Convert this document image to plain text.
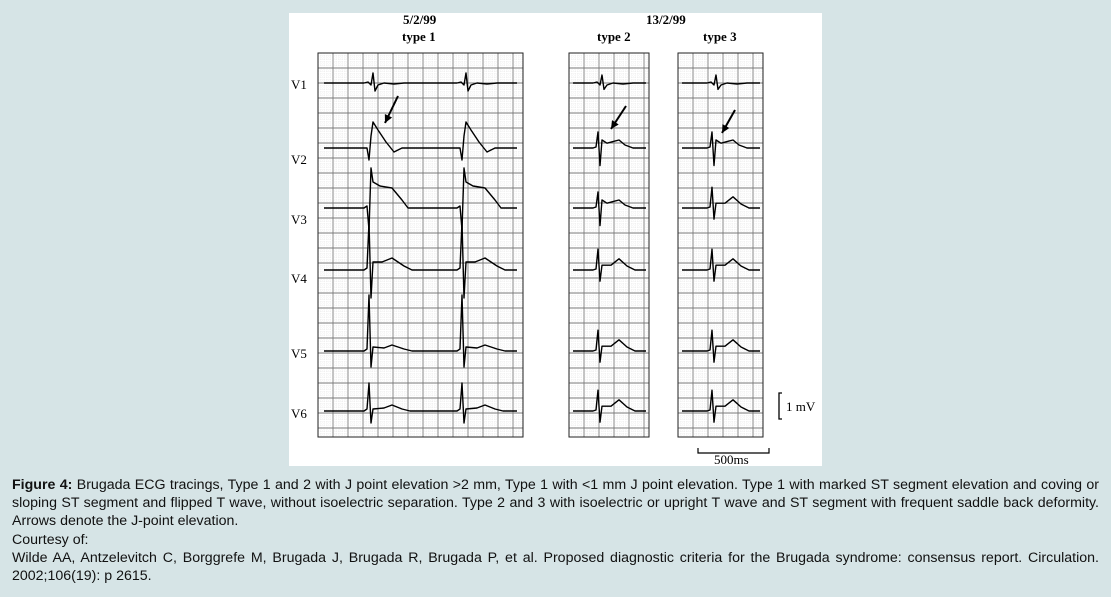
5/2/99
type 1
13/2/99
type 2	type 3
V1
V2
V3
V4
V5
V6	1 mV
500ms

Figure 4: Brugada ECG tracings, Type 1 and 2 with J point elevation >2 mm, Type 1 with <1 mm J point elevation. Type 1 with marked ST segment elevation and coving or sloping ST segment and flipped T wave, without isoelectric separation. Type 2 and 3 with isoelectric or upright T wave and ST segment with frequent saddle back deformity. Arrows denote the J-point elevation.

Courtesy of:

Wilde AA, Antzelevitch C, Borggrefe M, Brugada J, Brugada R, Brugada P, et al. Proposed diagnostic criteria for the Brugada syndrome: consensus report. Circulation. 2002;106(19): p 2615.
